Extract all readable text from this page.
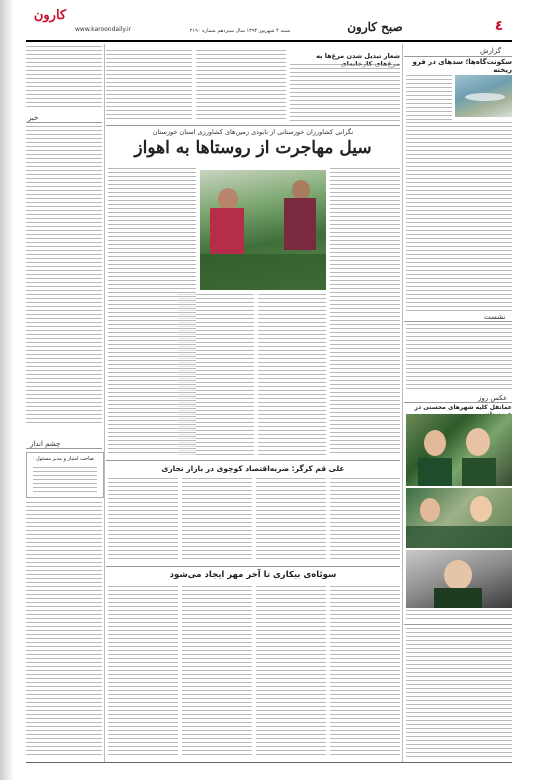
کارون
www.karoondaily.ir	شنبه ۴ شهریور ۱۳۹۴ سال سیزدهم شماره ۲۱۹۰	صبح کارون	٤
گزارش
سکونت‌گاه‌ها؛ سد‌های در فرو ریخته
نشست
عکس روز
عمانقل کلیه شهرهای محسنی در
شعار تبدیل شدن مرغ‌ها به
خبر
چشم انداز
صاحب امتیاز و مدیر مسئول
نگرانی کشاورزان خوزستانی از نابودی زمین‌های کشاورزی استان خوزستان
سیل مهاجرت از روستاها به اهواز
علی قم کرگر: ضربه‌اقتصاد کوچوی در بازار تجاری
سوئاه‌ی بیکاری تا آخر مهر ایجاد می‌شود
